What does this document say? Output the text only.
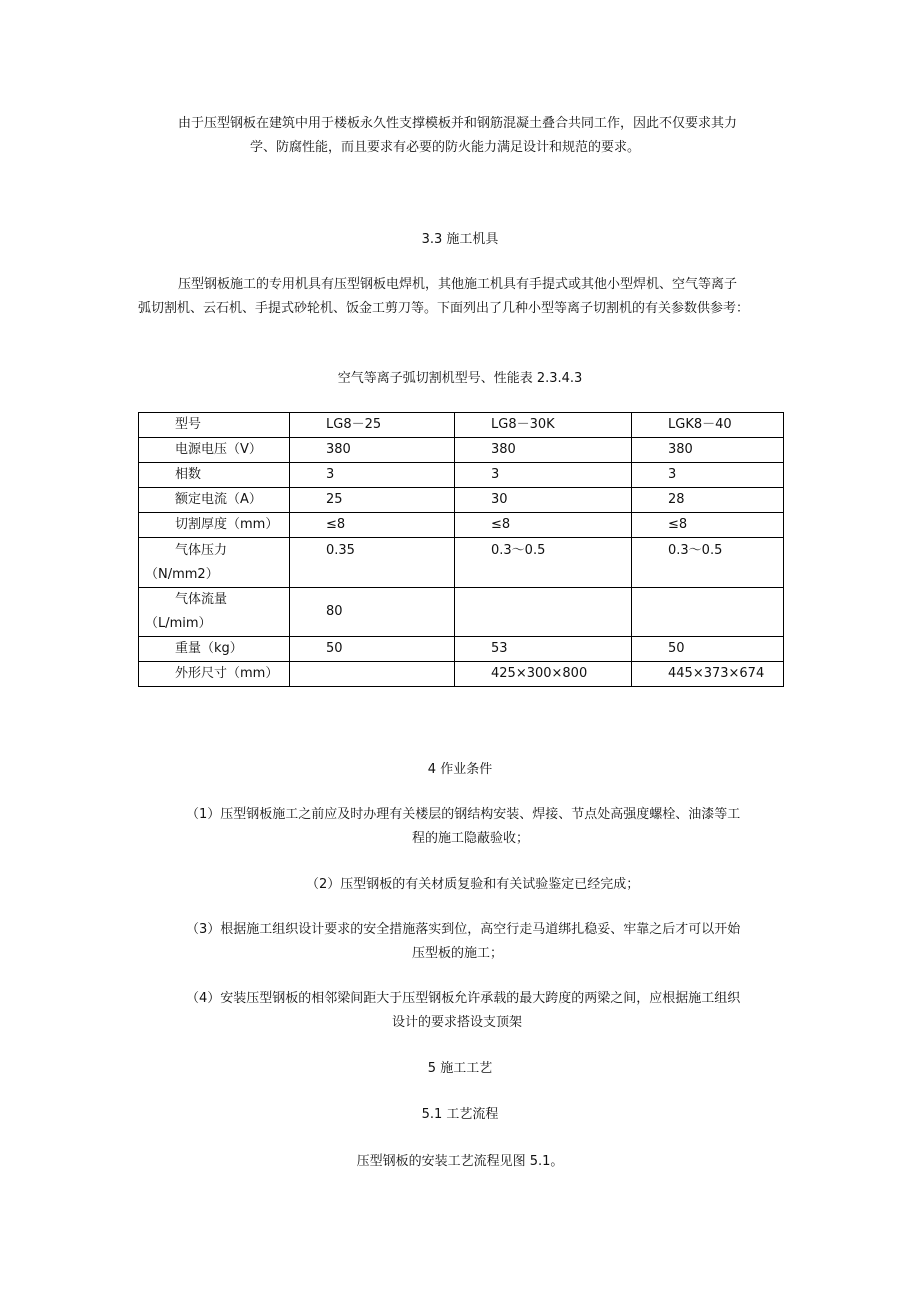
由于压型钢板在建筑中用于楼板永久性支撑模板并和钢筋混凝土叠合共同工作，因此不仅要求其力
学、防腐性能，而且要求有必要的防火能力满足设计和规范的要求。
3.3 施工机具
压型钢板施工的专用机具有压型钢板电焊机，其他施工机具有手提式或其他小型焊机、空气等离子
弧切割机、云石机、手提式砂轮机、饭金工剪刀等。下面列出了几种小型等离子切割机的有关参数供参考：
空气等离子弧切割机型号、性能表 2.3.4.3
型号	LG8－25	LG8－30K	LGK8－40
电源电压（V）	380	380	380
相数	3	3	3
额定电流（A）	25	30	28
切割厚度（mm）	≤8	≤8	≤8

气体压力
（N/mm2）	0.35	0.3～0.5	0.3～0.5

气体流量
（L/mim）	80		
重量（kg）	50	53	50
外形尺寸（mm）		425×300×800	445×373×674
4 作业条件
（1）压型钢板施工之前应及时办理有关楼层的钢结构安装、焊接、节点处高强度螺栓、油漆等工
程的施工隐蔽验收；
（2）压型钢板的有关材质复验和有关试验鉴定已经完成；
（3）根据施工组织设计要求的安全措施落实到位，高空行走马道绑扎稳妥、牢靠之后才可以开始
压型板的施工；
（4）安装压型钢板的相邻梁间距大于压型钢板允许承载的最大跨度的两梁之间，应根据施工组织
设计的要求搭设支顶架
5 施工工艺
5.1 工艺流程
压型钢板的安装工艺流程见图 5.1。
